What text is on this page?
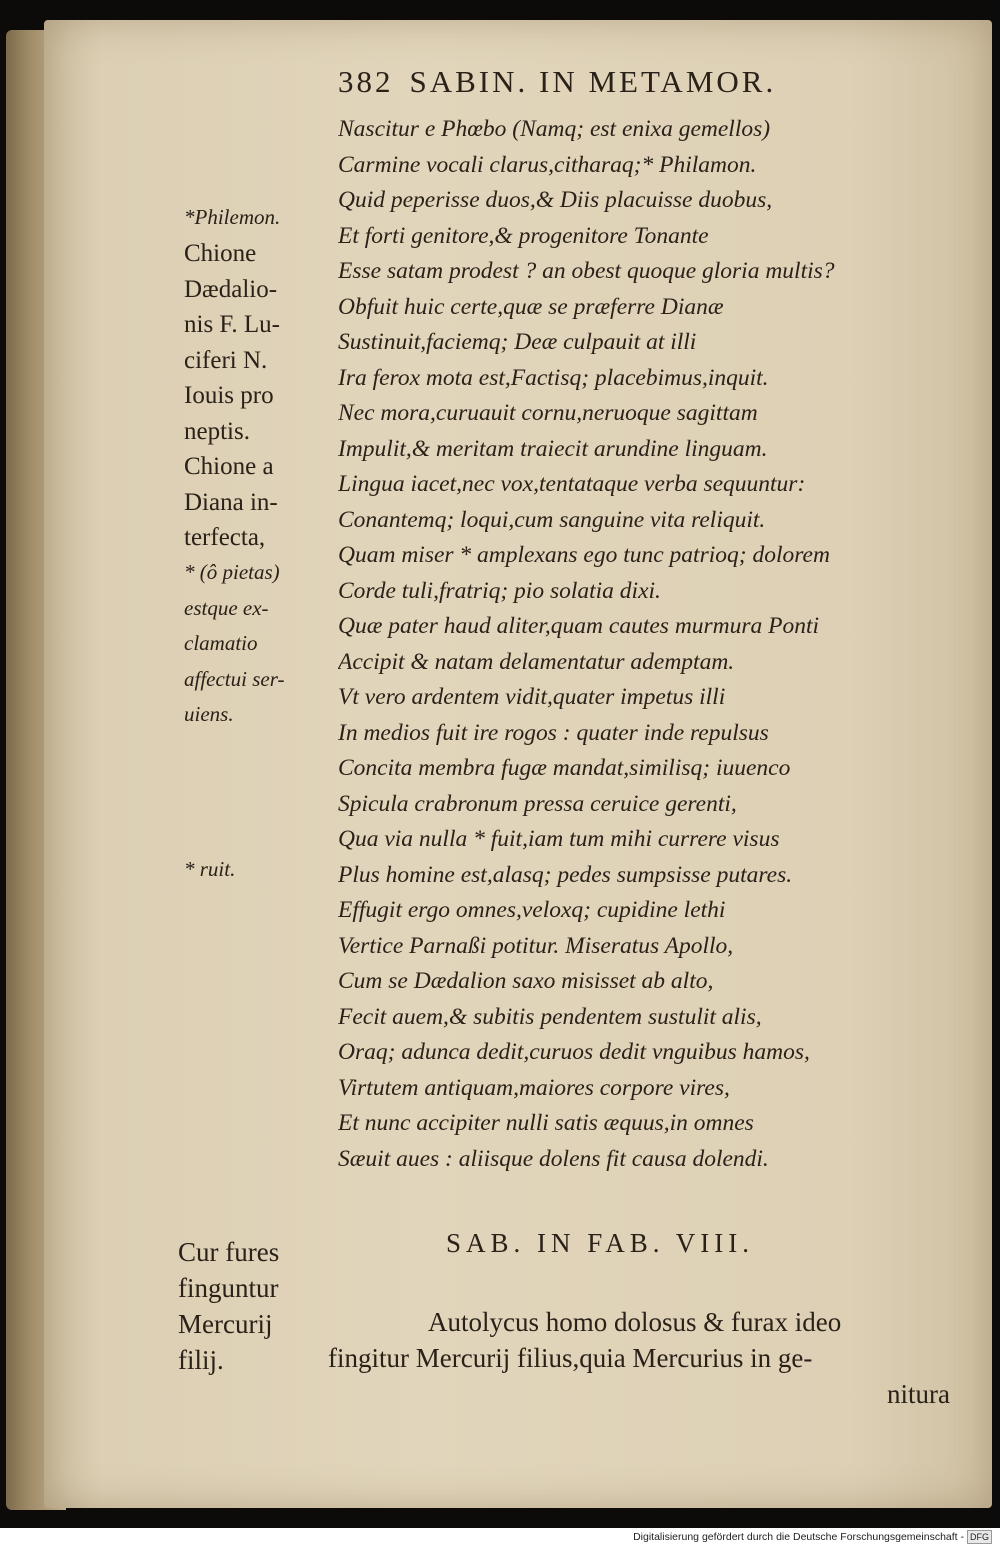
382 SABIN. IN METAMOR.
Nascitur e Phœbo (Namq; est enixa gemellos)
Carmine vocali clarus,citharaq;* Philamon.
Quid peperisse duos,& Diis placuisse duobus,
Et forti genitore,& progenitore Tonante
Esse satam prodest ? an obest quoque gloria multis?
Obfuit huic certe,quæ se præferre Dianæ
Sustinuit,faciemq; Deæ culpauit at illi
Ira ferox mota est,Factisq; placebimus,inquit.
Nec mora,curuauit cornu,neruoque sagittam
Impulit,& meritam traiecit arundine linguam.
Lingua iacet,nec vox,tentataque verba sequuntur:
Conantemq; loqui,cum sanguine vita reliquit.
Quam miser * amplexans ego tunc patrioq; dolorem
Corde tuli,fratriq; pio solatia dixi.
Quæ pater haud aliter,quam cautes murmura Ponti
Accipit & natam delamentatur ademptam.
Vt vero ardentem vidit,quater impetus illi
In medios fuit ire rogos : quater inde repulsus
Concita membra fugæ mandat,similisq; iuuenco
Spicula crabronum pressa ceruice gerenti,
Qua via nulla * fuit,iam tum mihi currere visus
Plus homine est,alasq; pedes sumpsisse putares.
Effugit ergo omnes,veloxq; cupidine lethi
Vertice Parnaßi potitur. Miseratus Apollo,
Cum se Dædalion saxo misisset ab alto,
Fecit auem,& subitis pendentem sustulit alis,
Oraq; adunca dedit,curuos dedit vnguibus hamos,
Virtutem antiquam,maiores corpore vires,
Et nunc accipiter nulli satis æquus,in omnes
Sæuit aues : aliisque dolens fit causa dolendi.
*Philemon.
Chione
Dædalio-
nis F. Lu-
ciferi N.
Iouis pro
neptis.
Chione a
Diana in-
terfecta,
* (ô pietas)
estque ex-
clamatio
affectui ser-
uiens.
* ruit.
SAB. IN FAB. VIII.
Cur fures
finguntur
Mercurij
filij.
Autolycus homo dolosus & furax ideo
fingitur Mercurij filius,quia Mercurius in ge-
nitura
Digitalisierung gefördert durch die Deutsche Forschungsgemeinschaft - DFG
